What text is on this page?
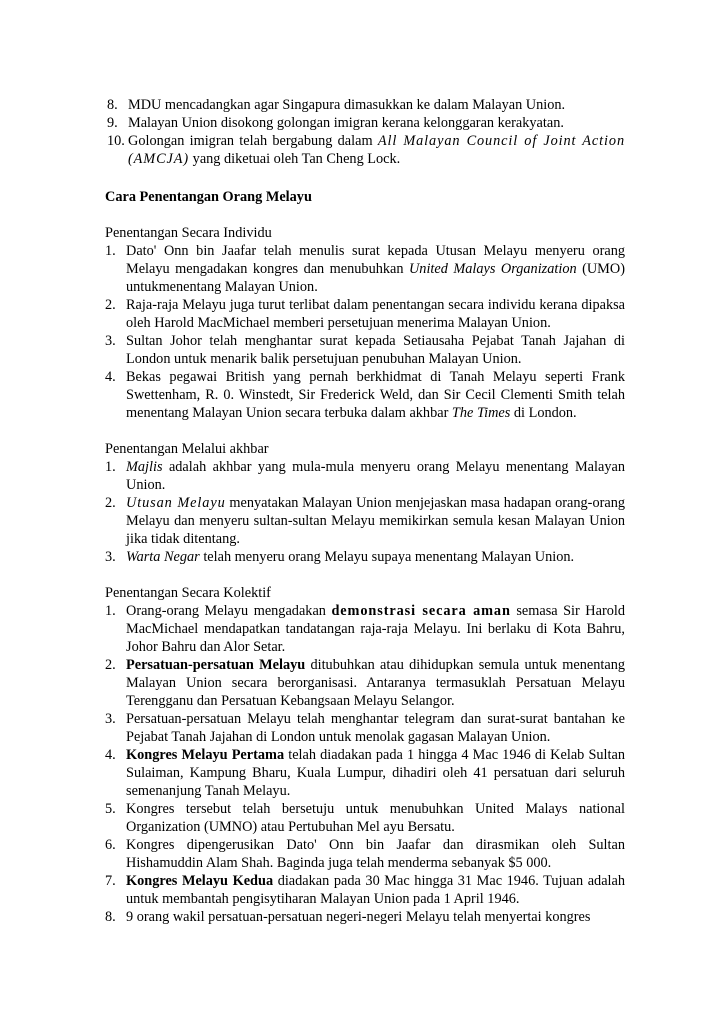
8. MDU mencadangkan agar Singapura dimasukkan ke dalam Malayan Union.
9. Malayan Union disokong golongan imigran kerana kelonggaran kerakyatan.
10. Golongan imigran telah bergabung dalam All Malayan Council of Joint Action (AMCJA) yang diketuai oleh Tan Cheng Lock.
Cara Penentangan Orang Melayu
Penentangan Secara Individu
1. Dato' Onn bin Jaafar telah menulis surat kepada Utusan Melayu menyeru orang Melayu mengadakan kongres dan menubuhkan United Malays Organization (UMO) untukmenentang Malayan Union.
2. Raja-raja Melayu juga turut terlibat dalam penentangan secara individu kerana dipaksa oleh Harold MacMichael memberi persetujuan menerima Malayan Union.
3. Sultan Johor telah menghantar surat kepada Setiausaha Pejabat Tanah Jajahan di London untuk menarik balik persetujuan penubuhan Malayan Union.
4. Bekas pegawai British yang pernah berkhidmat di Tanah Melayu seperti Frank Swettenham, R. 0. Winstedt, Sir Frederick Weld, dan Sir Cecil Clementi Smith telah menentang Malayan Union secara terbuka dalam akhbar The Times di London.
Penentangan Melalui akhbar
1. Majlis adalah akhbar yang mula-mula menyeru orang Melayu menentang Malayan Union.
2. Utusan Melayu menyatakan Malayan Union menjejaskan masa hadapan orang-orang Melayu dan menyeru sultan-sultan Melayu memikirkan semula kesan Malayan Union jika tidak ditentang.
3. Warta Negar telah menyeru orang Melayu supaya menentang Malayan Union.
Penentangan Secara Kolektif
1. Orang-orang Melayu mengadakan demonstrasi secara aman semasa Sir Harold MacMichael mendapatkan tandatangan raja-raja Melayu. Ini berlaku di Kota Bahru, Johor Bahru dan Alor Setar.
2. Persatuan-persatuan Melayu ditubuhkan atau dihidupkan semula untuk menentang Malayan Union secara berorganisasi. Antaranya termasuklah Persatuan Melayu Terengganu dan Persatuan Kebangsaan Melayu Selangor.
3. Persatuan-persatuan Melayu telah menghantar telegram dan surat-surat bantahan ke Pejabat Tanah Jajahan di London untuk menolak gagasan Malayan Union.
4. Kongres Melayu Pertama telah diadakan pada 1 hingga 4 Mac 1946 di Kelab Sultan Sulaiman, Kampung Bharu, Kuala Lumpur, dihadiri oleh 41 persatuan dari seluruh semenanjung Tanah Melayu.
5. Kongres tersebut telah bersetuju untuk menubuhkan United Malays national Organization (UMNO) atau Pertubuhan Mel ayu Bersatu.
6. Kongres dipengerusikan Dato' Onn bin Jaafar dan dirasmikan oleh Sultan Hishamuddin Alam Shah. Baginda juga telah menderma sebanyak $5 000.
7. Kongres Melayu Kedua diadakan pada 30 Mac hingga 31 Mac 1946. Tujuan adalah untuk membantah pengisytiharan Malayan Union pada 1 April 1946.
8. 9 orang wakil persatuan-persatuan negeri-negeri Melayu telah menyertai kongres
